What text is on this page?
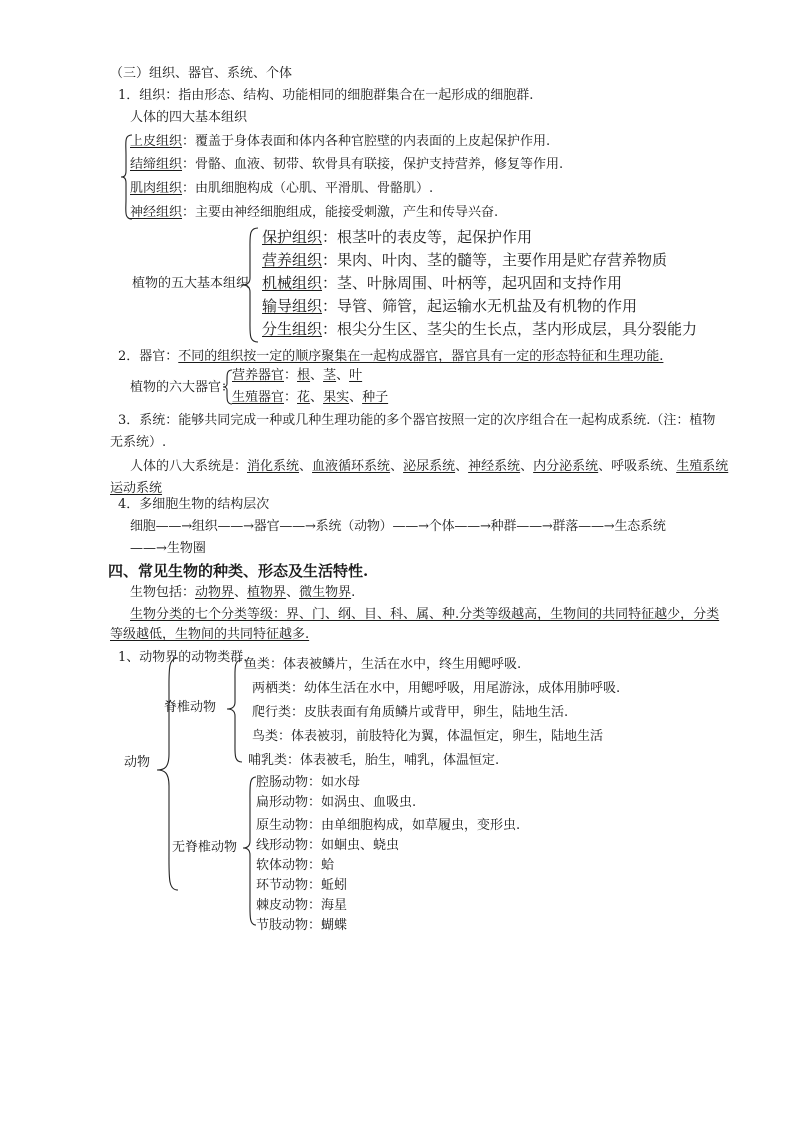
（三）组织、器官、系统、个体
1．组织：指由形态、结构、功能相同的细胞群集合在一起形成的细胞群.
人体的四大基本组织
上皮组织：覆盖于身体表面和体内各种官腔壁的内表面的上皮起保护作用.
结缔组织：骨骼、血液、韧带、软骨具有联接，保护支持营养，修复等作用.
肌肉组织：由肌细胞构成（心肌、平滑肌、骨骼肌）.
神经组织：主要由神经细胞组成，能接受刺激，产生和传导兴奋.
植物的五大基本组织
保护组织：根茎叶的表皮等，起保护作用
营养组织：果肉、叶肉、茎的髓等，主要作用是贮存营养物质
机械组织：茎、叶脉周围、叶柄等，起巩固和支持作用
输导组织：导管、筛管，起运输水无机盐及有机物的作用
分生组织：根尖分生区、茎尖的生长点，茎内形成层，具分裂能力
2．器官：不同的组织按一定的顺序聚集在一起构成器官，器官具有一定的形态特征和生理功能.
植物的六大器官：
营养器官：根、茎、叶
生殖器官：花、果实、种子
3．系统：能够共同完成一种或几种生理功能的多个器官按照一定的次序组合在一起构成系统.（注：植物
无系统）.
人体的八大系统是：消化系统、血液循环系统、泌尿系统、神经系统、内分泌系统、呼吸系统、生殖系统
运动系统
4．多细胞生物的结构层次
细胞——→组织——→器官——→系统（动物）——→个体——→种群——→群落——→生态系统
——→生物圈
四、常见生物的种类、形态及生活特性.
生物包括：动物界、植物界、微生物界.
生物分类的七个分类等级：界、门、纲、目、科、属、种.分类等级越高，生物间的共同特征越少，分类
等级越低，生物间的共同特征越多.
1、动物界的动物类群.
动物
脊椎动物
鱼类：体表被鳞片，生活在水中，终生用鳃呼吸.
两栖类：幼体生活在水中，用鳃呼吸，用尾游泳，成体用肺呼吸.
爬行类：皮肤表面有角质鳞片或背甲，卵生，陆地生活.
鸟类：体表被羽，前肢特化为翼，体温恒定，卵生，陆地生活
哺乳类：体表被毛，胎生，哺乳，体温恒定.
无脊椎动物
腔肠动物：如水母
扁形动物：如涡虫、血吸虫.
原生动物：由单细胞构成，如草履虫，变形虫.
线形动物：如蛔虫、蛲虫
软体动物：蛤
环节动物：蚯蚓
棘皮动物：海星
节肢动物：蝴蝶
